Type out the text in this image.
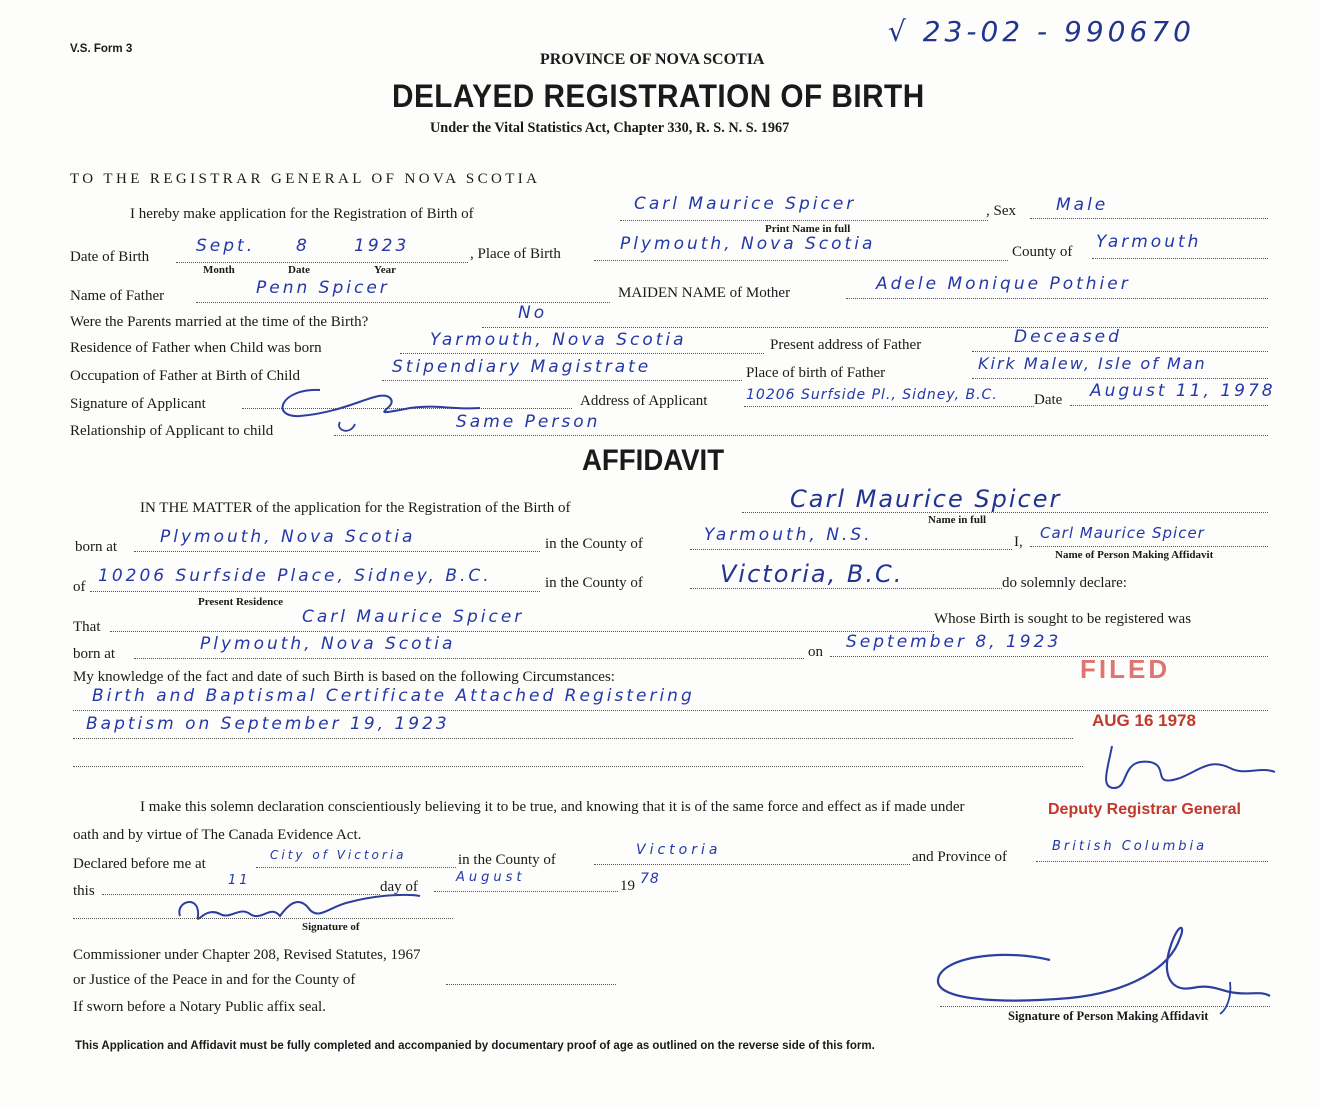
V.S. Form 3
√ 23-02 - 990670
PROVINCE OF NOVA SCOTIA
DELAYED REGISTRATION OF BIRTH
Under the Vital Statistics Act, Chapter 330, R. S. N. S. 1967
TO THE REGISTRAR GENERAL OF NOVA SCOTIA
I hereby make application for the Registration of Birth of	Carl Maurice Spicer	, Sex Male
Print Name in full
Date of Birth
Sept. 8	1923	, Place of Birth	Plymouth, Nova Scotia	County of Yarmouth
Month	Date	Year
Name of Father	Penn Spicer	MAIDEN NAME of Mother	Adele Monique Pothier
Were the Parents married at the time of the Birth?	No
Residence of Father when Child was born	Yarmouth, Nova Scotia	Present address of Father	Deceased
Occupation of Father at Birth of Child	Stipendiary Magistrate	Place of birth of Father	Kirk Malew, Isle of Man
Signature of Applicant	Address of Applicant	10206 Surfside Pl., Sidney, B.C. Date August 11, 1978
Relationship of Applicant to child	Same Person
AFFIDAVIT
IN THE MATTER of the application for the Registration of the Birth of	Carl Maurice Spicer
Name in full
born at	Plymouth, Nova Scotia	in the County of	Yarmouth, N.S.	I, Carl Maurice Spicer
Name of Person Making Affidavit
of
10206 Surfside Place, Sidney, B.C.	in the County of	Victoria, B.C.	do solemnly declare:
Present Residence
That	Carl Maurice Spicer	Whose Birth is sought to be registered was
born at	Plymouth, Nova Scotia	on September 8, 1923
My knowledge of the fact and date of such Birth is based on the following Circumstances:
Birth and Baptismal Certificate Attached Registering
Baptism on September 19, 1923
FILED
AUG 16 1978
Deputy Registrar General
I make this solemn declaration conscientiously believing it to be true, and knowing that it is of the same force and effect as if made under
oath and by virtue of The Canada Evidence Act.
Declared before me at
City of Victoria	in the County of
Victoria	and Province of
British Columbia
this
11	day of
August
19 78
Signature of
Commissioner under Chapter 208, Revised Statutes, 1967
or Justice of the Peace in and for the County of
If sworn before a Notary Public affix seal.
Signature of Person Making Affidavit
This Application and Affidavit must be fully completed and accompanied by documentary proof of age as outlined on the reverse side of this form.
